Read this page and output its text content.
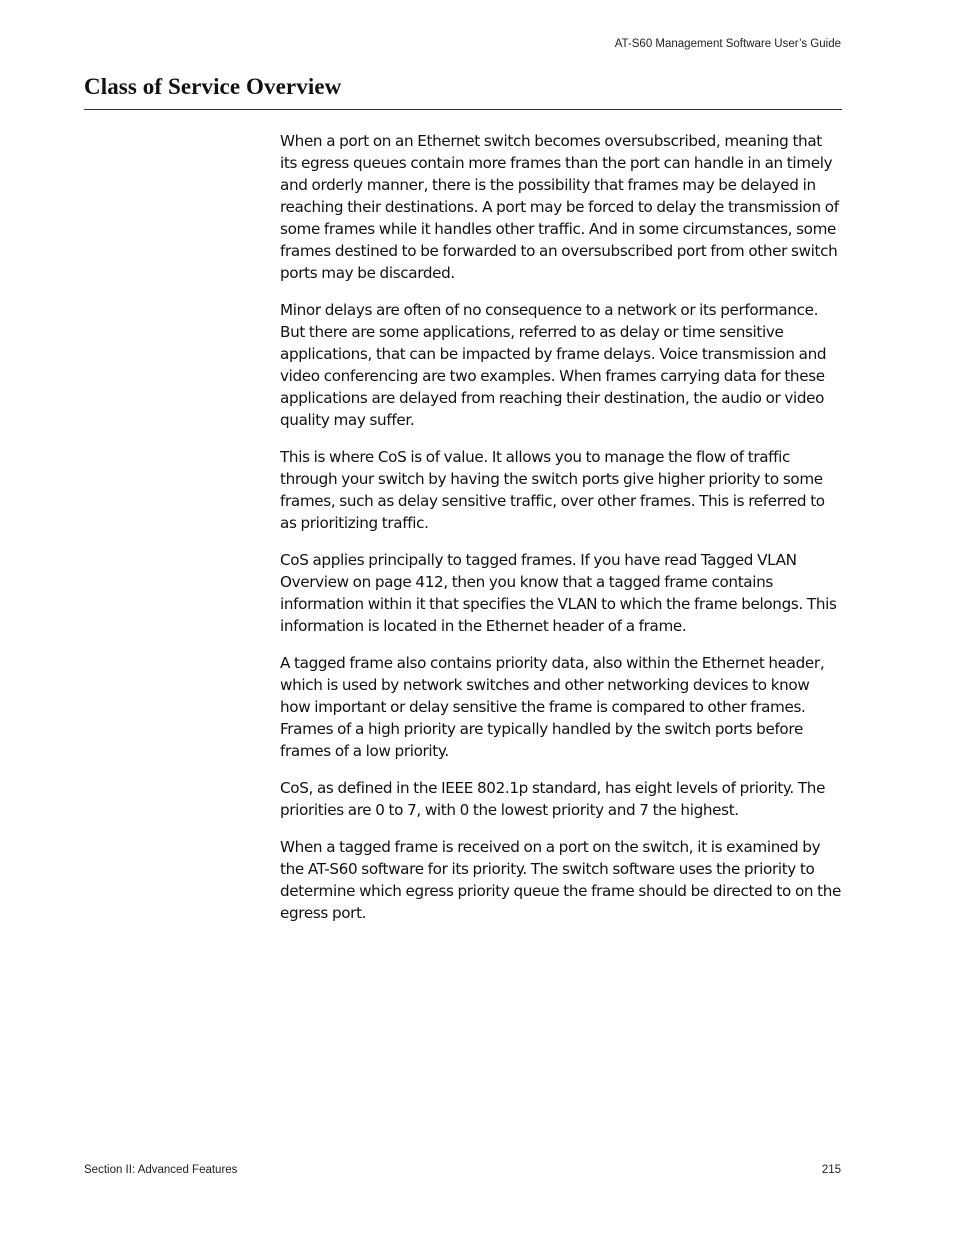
AT-S60 Management Software User’s Guide
Class of Service Overview

When a port on an Ethernet switch becomes oversubscribed, meaning that its egress queues contain more frames than the port can handle in an timely and orderly manner, there is the possibility that frames may be delayed in reaching their destinations. A port may be forced to delay the transmission of some frames while it handles other traffic. And in some circumstances, some frames destined to be forwarded to an oversubscribed port from other switch ports may be discarded.

Minor delays are often of no consequence to a network or its performance. But there are some applications, referred to as delay or time sensitive applications, that can be impacted by frame delays. Voice transmission and video conferencing are two examples. When frames carrying data for these applications are delayed from reaching their destination, the audio or video quality may suffer.

This is where CoS is of value. It allows you to manage the flow of traffic through your switch by having the switch ports give higher priority to some frames, such as delay sensitive traffic, over other frames. This is referred to as prioritizing traffic.

CoS applies principally to tagged frames. If you have read Tagged VLAN Overview on page 412, then you know that a tagged frame contains information within it that specifies the VLAN to which the frame belongs. This information is located in the Ethernet header of a frame.

A tagged frame also contains priority data, also within the Ethernet header, which is used by network switches and other networking devices to know how important or delay sensitive the frame is compared to other frames. Frames of a high priority are typically handled by the switch ports before frames of a low priority.

CoS, as defined in the IEEE 802.1p standard, has eight levels of priority. The priorities are 0 to 7, with 0 the lowest priority and 7 the highest.

When a tagged frame is received on a port on the switch, it is examined by the AT-S60 software for its priority. The switch software uses the priority to determine which egress priority queue the frame should be directed to on the egress port.

Section II: Advanced Features	215
